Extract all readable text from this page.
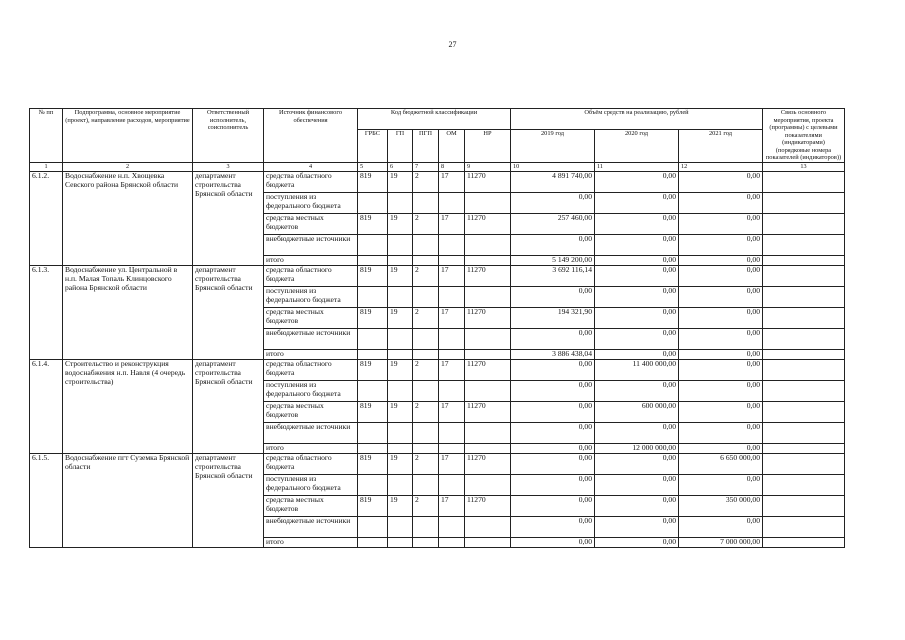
27
№ пп	Подпрограмма, основное мероприятие (проект), направление расходов, мероприятие	Ответственный исполнитель, соисполнитель	Источник финансового обеспечения	Код бюджетной классификации					Объём средств на реализацию, рублей			Связь основного мероприятия, проекта (программы) с целевыми показателями (индикаторами) (порядковые номера показателей (индикаторов))
				ГРБС	ГП	ПГП	ОМ	НР	2019 год	2020 год	2021 год	
1	2	3	4	5	6	7	8	9	10	11	12	13
6.1.2.	Водоснабжение н.п. Хвощевка Севского района Брянской области	департамент строительства Брянской области	средства областного бюджета	819	19	2	17	11270	4 891 740,00	0,00	0,00	
			поступления из федерального бюджета						0,00	0,00	0,00	
			средства местных бюджетов	819	19	2	17	11270	257 460,00	0,00	0,00	
			внебюджетные источники						0,00	0,00	0,00	
			итого						5 149 200,00	0,00	0,00	
6.1.3.	Водоснабжение ул. Центральной в н.п. Малая Топаль Клинцовского района Брянской области	департамент строительства Брянской области	средства областного бюджета	819	19	2	17	11270	3 692 116,14	0,00	0,00	
			поступления из федерального бюджета						0,00	0,00	0,00	
			средства местных бюджетов	819	19	2	17	11270	194 321,90	0,00	0,00	
			внебюджетные источники						0,00	0,00	0,00	
			итого						3 886 438,04	0,00	0,00	
6.1.4.	Строительство и реконструкция водоснабжения н.п. Навля (4 очередь строительства)	департамент строительства Брянской области	средства областного бюджета	819	19	2	17	11270	0,00	11 400 000,00	0,00	
			поступления из федерального бюджета						0,00	0,00	0,00	
			средства местных бюджетов	819	19	2	17	11270	0,00	600 000,00	0,00	
			внебюджетные источники						0,00	0,00	0,00	
			итого						0,00	12 000 000,00	0,00	
6.1.5.	Водоснабжение пгт Суземка Брянской области	департамент строительства Брянской области	средства областного бюджета	819	19	2	17	11270	0,00	0,00	6 650 000,00	
			поступления из федерального бюджета						0,00	0,00	0,00	
			средства местных бюджетов	819	19	2	17	11270	0,00	0,00	350 000,00	
			внебюджетные источники						0,00	0,00	0,00	
			итого						0,00	0,00	7 000 000,00	
